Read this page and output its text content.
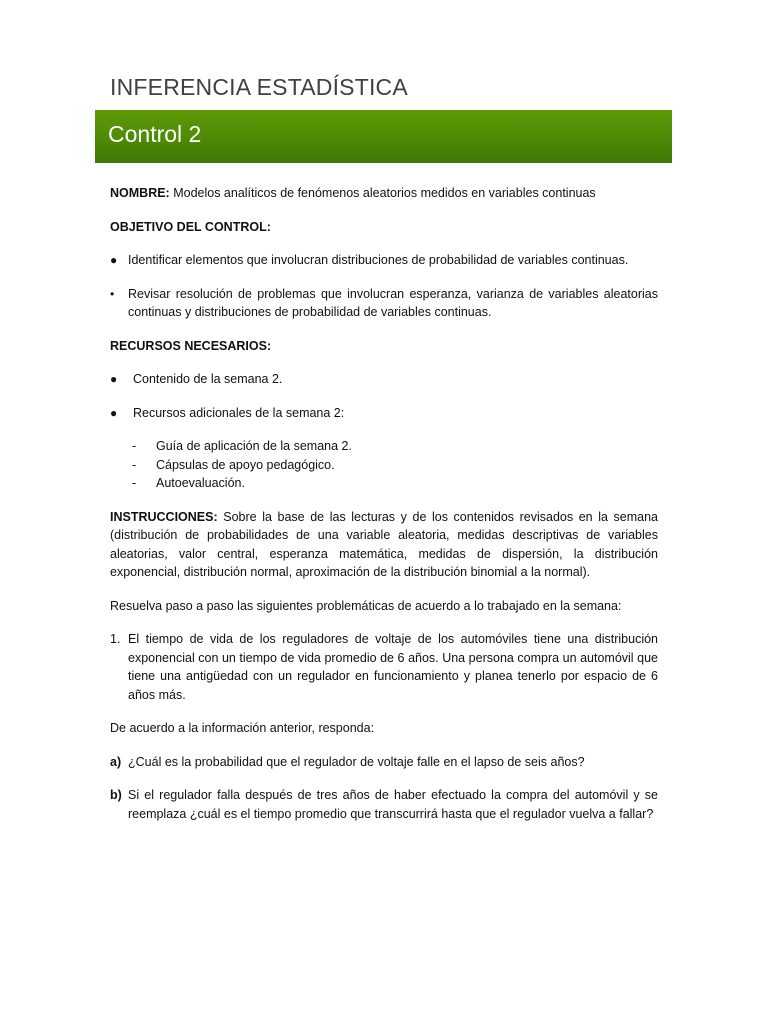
INFERENCIA ESTADÍSTICA
Control 2

NOMBRE: Modelos analíticos de fenómenos aleatorios medidos en variables continuas

OBJETIVO DEL CONTROL:

● Identificar elementos que involucran distribuciones de probabilidad de variables continuas.
• Revisar resolución de problemas que involucran esperanza, varianza de variables aleatorias continuas y distribuciones de probabilidad de variables continuas.

RECURSOS NECESARIOS:

● Contenido de la semana 2.
● Recursos adicionales de la semana 2:
- Guía de aplicación de la semana 2.
- Cápsulas de apoyo pedagógico.
- Autoevaluación.

INSTRUCCIONES: Sobre la base de las lecturas y de los contenidos revisados en la semana (distribución de probabilidades de una variable aleatoria, medidas descriptivas de variables aleatorias, valor central, esperanza matemática, medidas de dispersión, la distribución exponencial, distribución normal, aproximación de la distribución binomial a la normal).

Resuelva paso a paso las siguientes problemáticas de acuerdo a lo trabajado en la semana:

1. El tiempo de vida de los reguladores de voltaje de los automóviles tiene una distribución exponencial con un tiempo de vida promedio de 6 años. Una persona compra un automóvil que tiene una antigüedad con un regulador en funcionamiento y planea tenerlo por espacio de 6 años más.

De acuerdo a la información anterior, responda:

a) ¿Cuál es la probabilidad que el regulador de voltaje falle en el lapso de seis años?
b) Si el regulador falla después de tres años de haber efectuado la compra del automóvil y se reemplaza ¿cuál es el tiempo promedio que transcurrirá hasta que el regulador vuelva a fallar?
